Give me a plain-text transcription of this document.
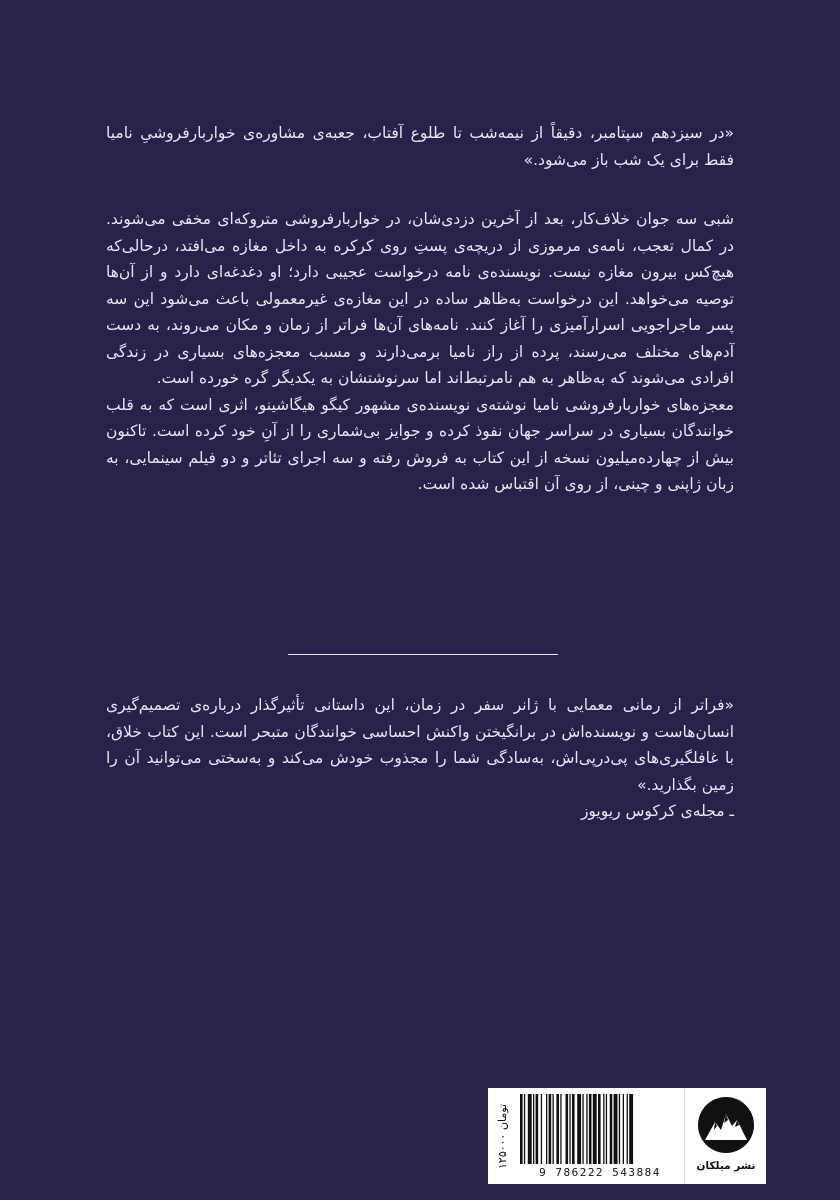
«در سیزدهم سپتامبر، دقیقاً از نیمه‌شب تا طلوع آفتاب، جعبه‌ی مشاوره‌ی خواربارفروشیِ نامیا فقط برای یک شب باز می‌شود.»

شبی سه جوان خلاف‌کار، بعد از آخرین دزدی‌شان، در خواربارفروشی متروکه‌ای مخفی می‌شوند. در کمال تعجب، نامه‌ی مرموزی از دریچه‌ی پستِ روی کرکره به داخل مغازه می‌افتد، درحالی‌که هیچ‌کس بیرون مغازه نیست. نویسنده‌ی نامه درخواست عجیبی دارد؛ او دغدغه‌ای دارد و از آن‌ها توصیه می‌خواهد. این درخواست به‌ظاهر ساده در این مغازه‌ی غیرمعمولی باعث می‌شود این سه پسر ماجراجویی اسرارآمیزی را آغاز کنند. نامه‌های آن‌ها فراتر از زمان و مکان می‌روند، به دست آدم‌های مختلف می‌رسند، پرده از راز نامیا برمی‌دارند و مسبب معجزه‌های بسیاری در زندگی افرادی می‌شوند که به‌ظاهر به هم نامرتبط‌اند اما سرنوشتشان به یکدیگر گره خورده است.

معجزه‌های خواربارفروشی نامیا نوشته‌ی نویسنده‌ی مشهور کیگو هیگاشینو، اثری است که به قلب خوانندگان بسیاری در سراسر جهان نفوذ کرده و جوایز بی‌شماری را از آنِ خود کرده است. تاکنون بیش از چهارده‌میلیون نسخه از این کتاب به فروش رفته و سه اجرای تئاتر و دو فیلم سینمایی، به زبان ژاپنی و چینی، از روی آن اقتباس شده است.

«فراتر از رمانی معمایی با ژانر سفر در زمان، این داستانی تأثیرگذار درباره‌ی تصمیم‌گیری انسان‌هاست و نویسنده‌اش در برانگیختن واکنش احساسی خوانندگان متبحر است. این کتاب خلاق، با غافلگیری‌های پی‌درپی‌اش، به‌سادگی شما را مجذوب خودش می‌کند و به‌سختی می‌توانید آن را زمین بگذارید.»

ـ مجله‌ی کرکوس ریویوز

۱۲۵۰۰۰ تومان
9 786222 543884	نشر میلکان
